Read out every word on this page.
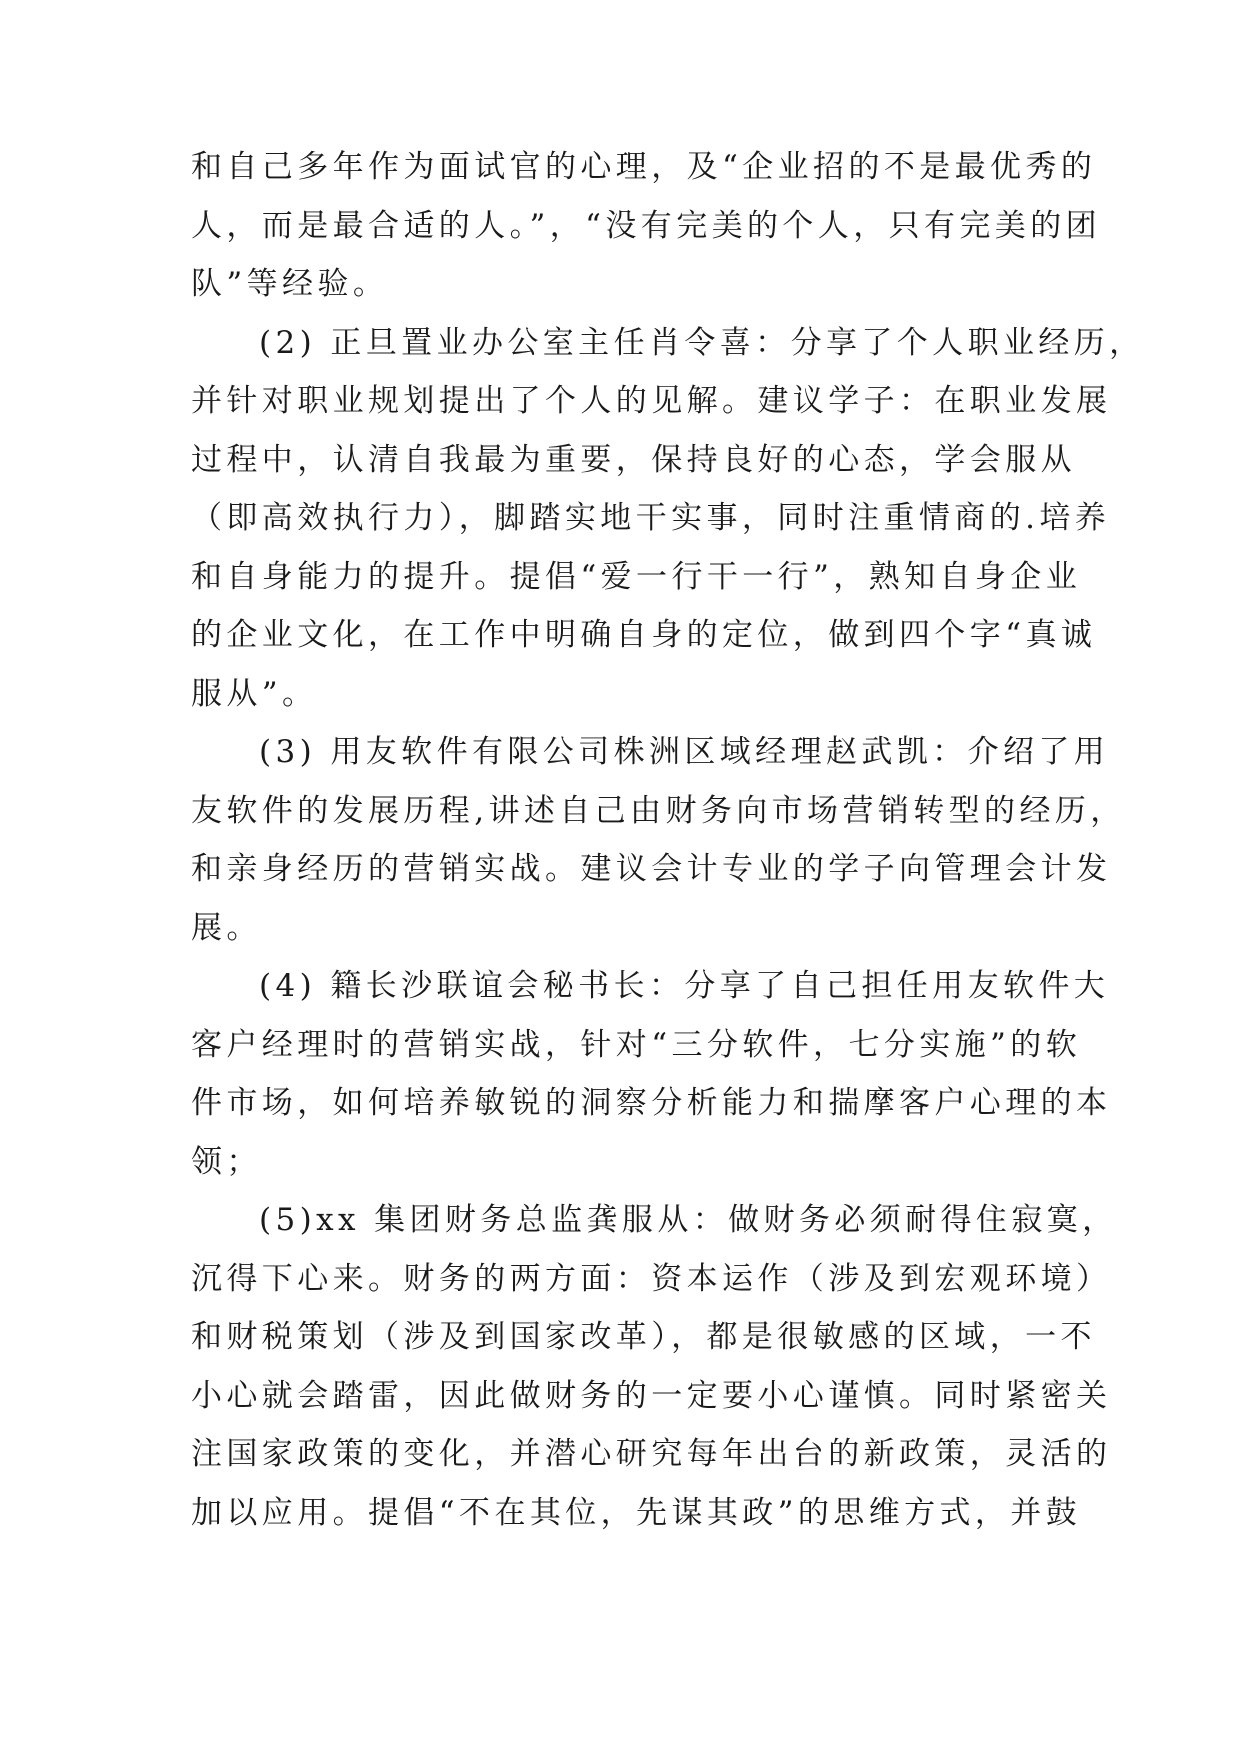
和自己多年作为面试官的心理，及“企业招的不是最优秀的
人，而是最合适的人。”，“没有完美的个人，只有完美的团
队”等经验。
(2) 正旦置业办公室主任肖令喜：分享了个人职业经历，
并针对职业规划提出了个人的见解。建议学子：在职业发展
过程中，认清自我最为重要，保持良好的心态，学会服从
（即高效执行力），脚踏实地干实事，同时注重情商的.培养
和自身能力的提升。提倡“爱一行干一行”，熟知自身企业
的企业文化，在工作中明确自身的定位，做到四个字“真诚
服从”。
(3) 用友软件有限公司株洲区域经理赵武凯：介绍了用
友软件的发展历程,讲述自己由财务向市场营销转型的经历，
和亲身经历的营销实战。建议会计专业的学子向管理会计发
展。
(4) 籍长沙联谊会秘书长：分享了自己担任用友软件大
客户经理时的营销实战，针对“三分软件，七分实施”的软
件市场，如何培养敏锐的洞察分析能力和揣摩客户心理的本
领；
(5)xx 集团财务总监龚服从：做财务必须耐得住寂寞，
沉得下心来。财务的两方面：资本运作（涉及到宏观环境）
和财税策划（涉及到国家改革），都是很敏感的区域，一不
小心就会踏雷，因此做财务的一定要小心谨慎。同时紧密关
注国家政策的变化，并潜心研究每年出台的新政策，灵活的
加以应用。提倡“不在其位，先谋其政”的思维方式，并鼓
